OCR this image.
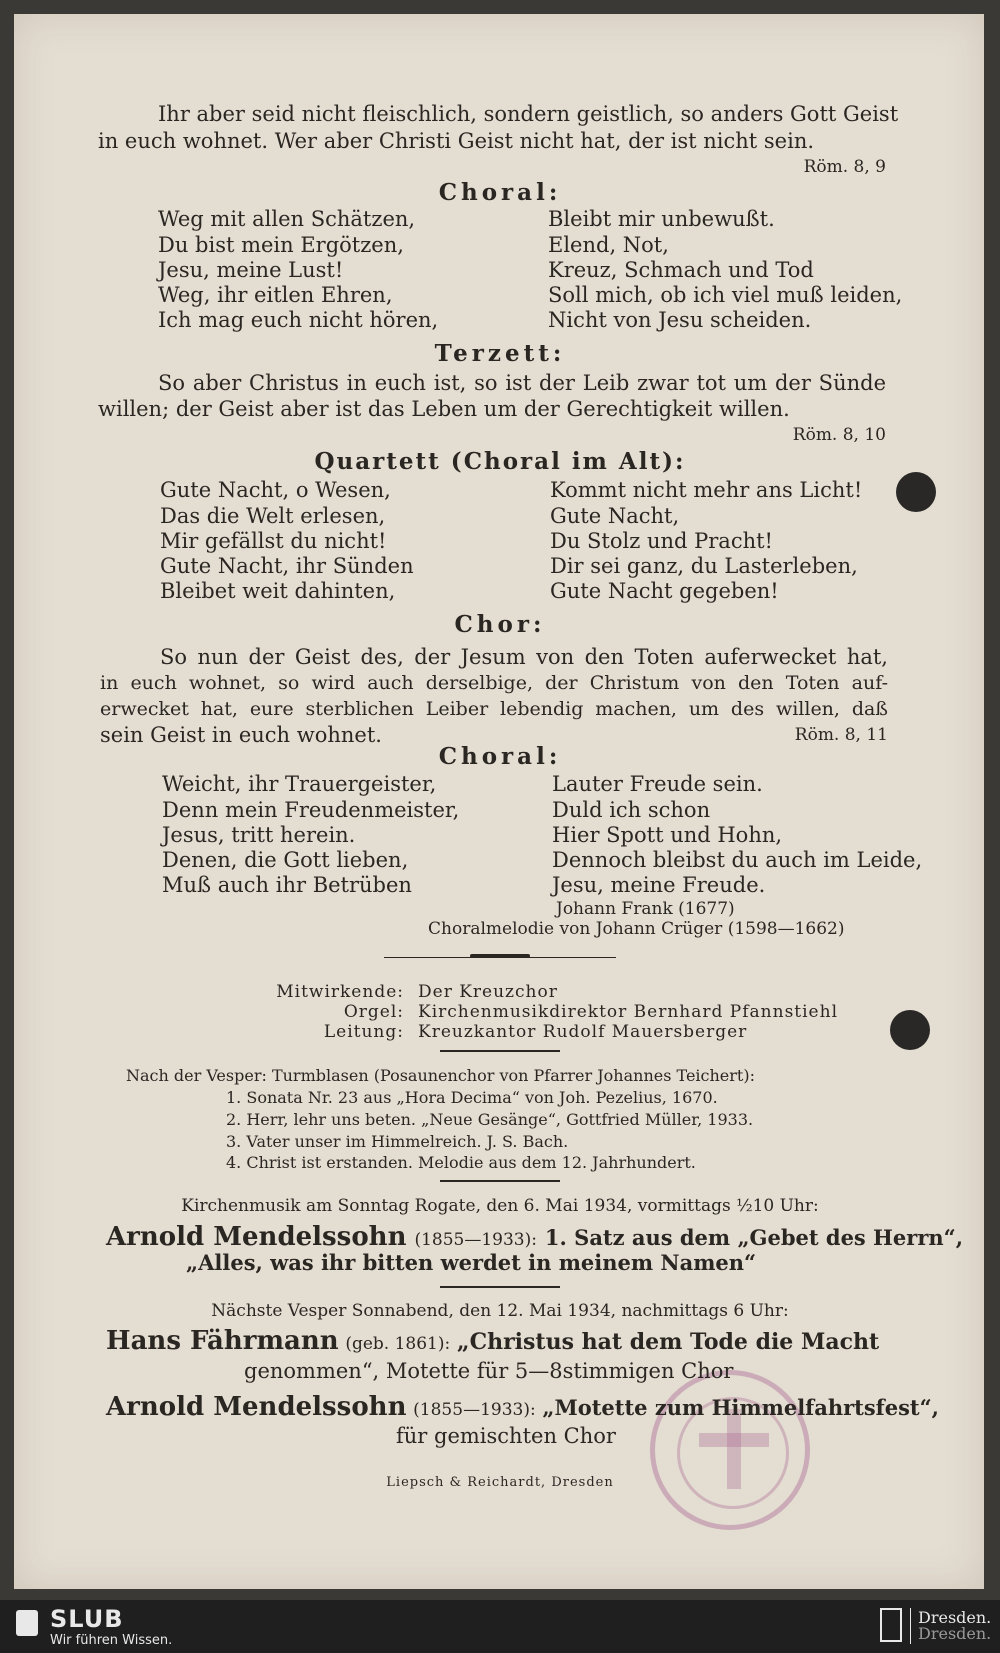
Ihr aber seid nicht fleischlich, sondern geistlich, so anders Gott Geist
in euch wohnet. Wer aber Christi Geist nicht hat, der ist nicht sein.
Röm. 8, 9
Choral:
Weg mit allen Schätzen,
Du bist mein Ergötzen,
Jesu, meine Lust!
Weg, ihr eitlen Ehren,
Ich mag euch nicht hören,
Bleibt mir unbewußt.
Elend, Not,
Kreuz, Schmach und Tod
Soll mich, ob ich viel muß leiden,
Nicht von Jesu scheiden.
Terzett:
So aber Christus in euch ist, so ist der Leib zwar tot um der Sünde
willen; der Geist aber ist das Leben um der Gerechtigkeit willen.
Röm. 8, 10
Quartett (Choral im Alt):
Gute Nacht, o Wesen,
Das die Welt erlesen,
Mir gefällst du nicht!
Gute Nacht, ihr Sünden
Bleibet weit dahinten,
Kommt nicht mehr ans Licht!
Gute Nacht,
Du Stolz und Pracht!
Dir sei ganz, du Lasterleben,
Gute Nacht gegeben!
Chor:
So nun der Geist des, der Jesum von den Toten auferwecket hat,
in euch wohnet, so wird auch derselbige, der Christum von den Toten auf-
erwecket hat, eure sterblichen Leiber lebendig machen, um des willen, daß
sein Geist in euch wohnet.	Röm. 8, 11
Choral:
Weicht, ihr Trauergeister,
Denn mein Freudenmeister,
Jesus, tritt herein.
Denen, die Gott lieben,
Muß auch ihr Betrüben
Lauter Freude sein.
Duld ich schon
Hier Spott und Hohn,
Dennoch bleibst du auch im Leide,
Jesu, meine Freude.
Johann Frank (1677)
Choralmelodie von Johann Crüger (1598—1662)
Mitwirkende: Der Kreuzchor
Orgel: Kirchenmusikdirektor Bernhard Pfannstiehl
Leitung: Kreuzkantor Rudolf Mauersberger
Nach der Vesper: Turmblasen (Posaunenchor von Pfarrer Johannes Teichert):
1. Sonata Nr. 23 aus „Hora Decima“ von Joh. Pezelius, 1670.
2. Herr, lehr uns beten. „Neue Gesänge“, Gottfried Müller, 1933.
3. Vater unser im Himmelreich. J. S. Bach.
4. Christ ist erstanden. Melodie aus dem 12. Jahrhundert.
Kirchenmusik am Sonntag Rogate, den 6. Mai 1934, vormittags ½10 Uhr:
Arnold Mendelssohn (1855—1933): 1. Satz aus dem „Gebet des Herrn“,
„Alles, was ihr bitten werdet in meinem Namen“
Nächste Vesper Sonnabend, den 12. Mai 1934, nachmittags 6 Uhr:
Hans Fährmann (geb. 1861): „Christus hat dem Tode die Macht
genommen“, Motette für 5—8stimmigen Chor
Arnold Mendelssohn (1855—1933): „Motette zum Himmelfahrtsfest“,
für gemischten Chor
Liepsch & Reichardt, Dresden
SLUB
Wir führen Wissen.
Dresden.
Dresden.
